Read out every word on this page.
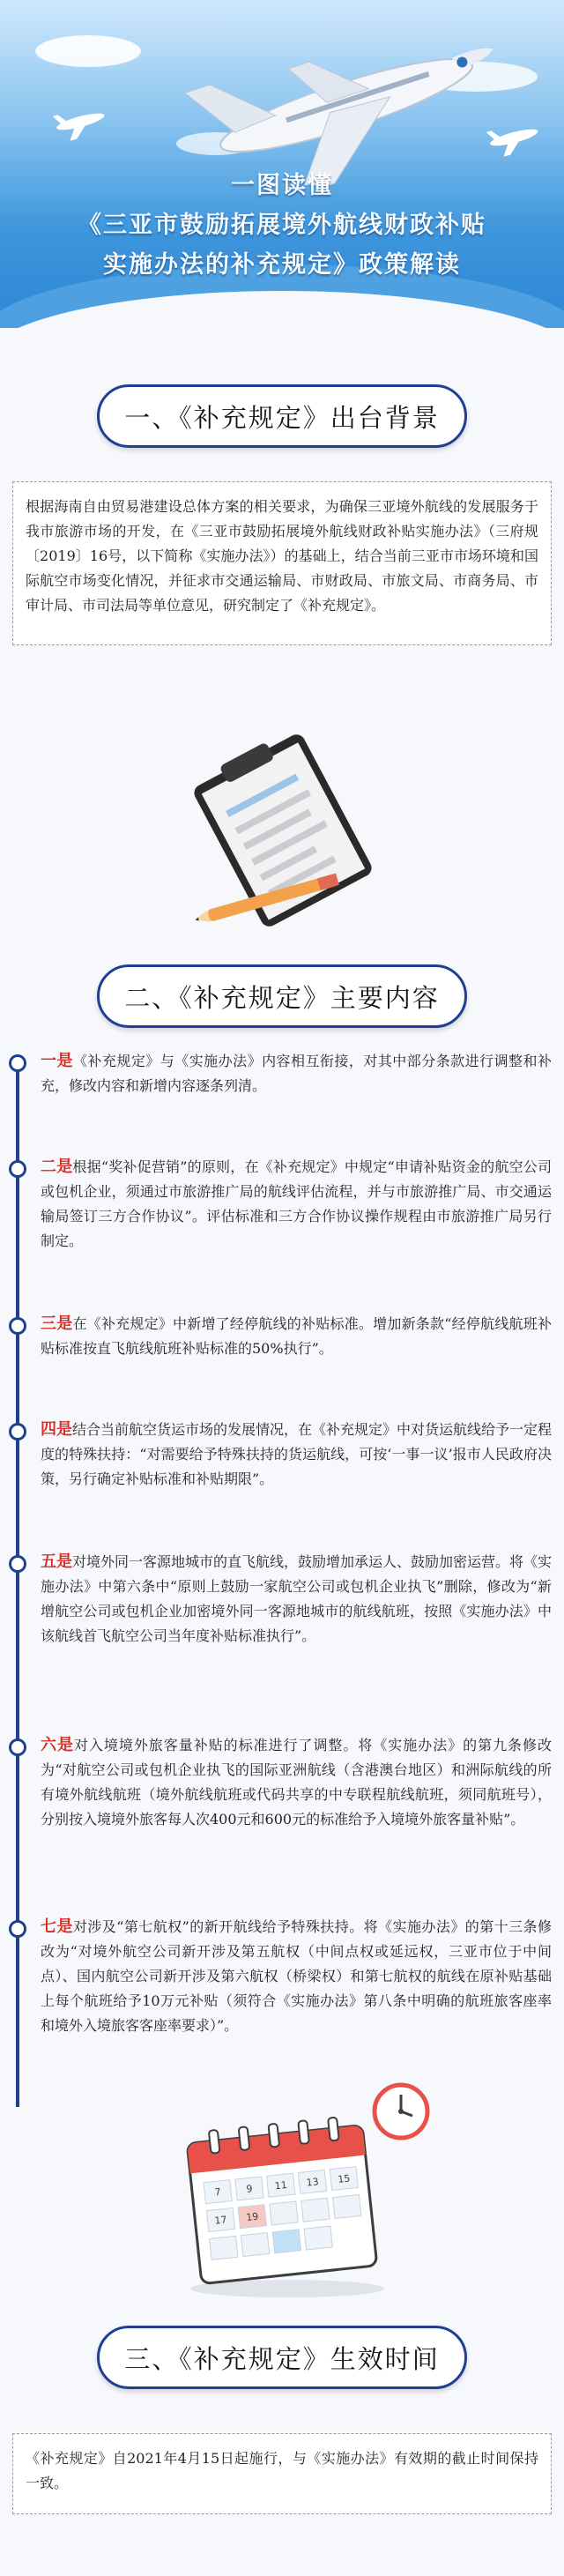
一图读懂
《三亚市鼓励拓展境外航线财政补贴
实施办法的补充规定》政策解读
一、《补充规定》出台背景
根据海南自由贸易港建设总体方案的相关要求，为确保三亚境外航线的发展服务于我市旅游市场的开发，在《三亚市鼓励拓展境外航线财政补贴实施办法》（三府规〔2019〕16号，以下简称《实施办法》）的基础上，结合当前三亚市市场环境和国际航空市场变化情况，并征求市交通运输局、市财政局、市旅文局、市商务局、市审计局、市司法局等单位意见，研究制定了《补充规定》。
二、《补充规定》主要内容
一是《补充规定》与《实施办法》内容相互衔接，对其中部分条款进行调整和补充，修改内容和新增内容逐条列清。
二是根据“奖补促营销”的原则，在《补充规定》中规定“申请补贴资金的航空公司或包机企业，须通过市旅游推广局的航线评估流程，并与市旅游推广局、市交通运输局签订三方合作协议”。评估标准和三方合作协议操作规程由市旅游推广局另行制定。
三是在《补充规定》中新增了经停航线的补贴标准。增加新条款“经停航线航班补贴标准按直飞航线航班补贴标准的50%执行”。
四是结合当前航空货运市场的发展情况，在《补充规定》中对货运航线给予一定程度的特殊扶持：“对需要给予特殊扶持的货运航线，可按‘一事一议’报市人民政府决策，另行确定补贴标准和补贴期限”。
五是对境外同一客源地城市的直飞航线，鼓励增加承运人、鼓励加密运营。将《实施办法》中第六条中“原则上鼓励一家航空公司或包机企业执飞”删除，修改为“新增航空公司或包机企业加密境外同一客源地城市的航线航班，按照《实施办法》中该航线首飞航空公司当年度补贴标准执行”。
六是对入境境外旅客量补贴的标准进行了调整。将《实施办法》的第九条修改为“对航空公司或包机企业执飞的国际亚洲航线（含港澳台地区）和洲际航线的所有境外航线航班（境外航线航班或代码共享的中专联程航线航班，须同航班号），分别按入境境外旅客每人次400元和600元的标准给予入境境外旅客量补贴”。
七是对涉及“第七航权”的新开航线给予特殊扶持。将《实施办法》的第十三条修改为“对境外航空公司新开涉及第五航权（中间点权或延远权，三亚市位于中间点）、国内航空公司新开涉及第六航权（桥梁权）和第七航权的航线在原补贴基础上每个航班给予10万元补贴（须符合《实施办法》第八条中明确的航班旅客座率和境外入境旅客客座率要求）”。
7 9 11 13 15
17 19
三、《补充规定》生效时间
《补充规定》自2021年4月15日起施行，与《实施办法》有效期的截止时间保持一致。
